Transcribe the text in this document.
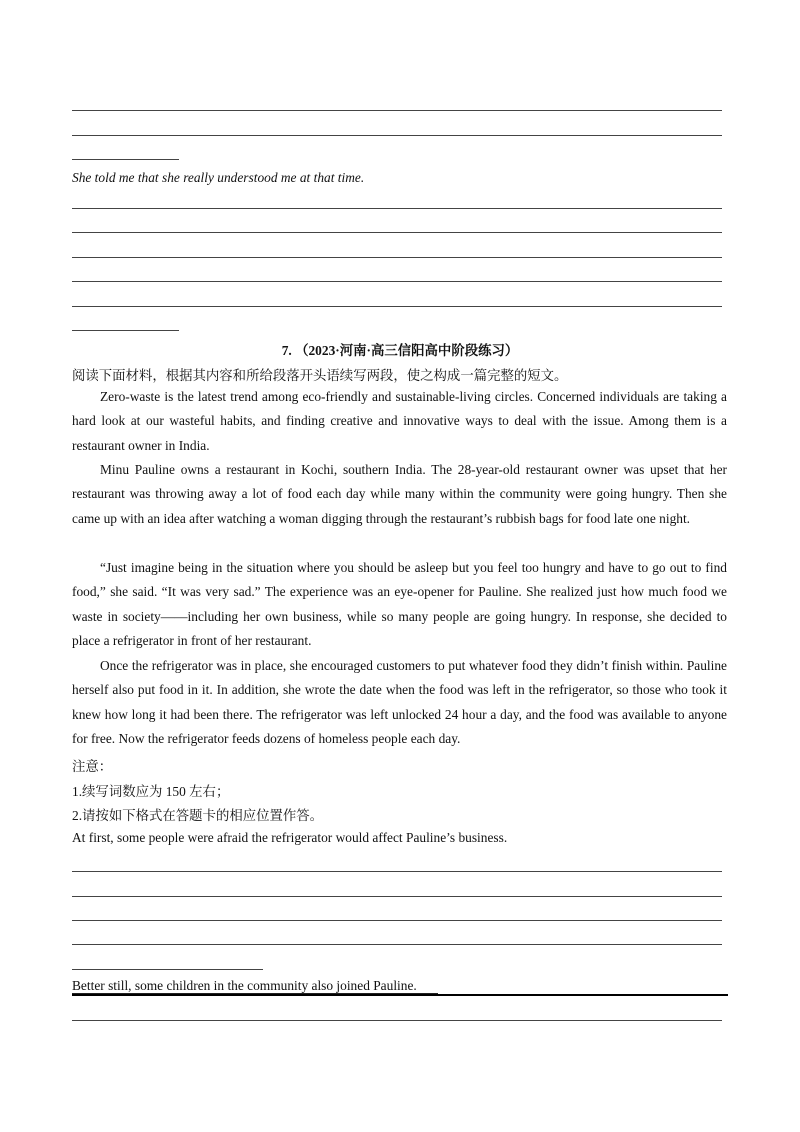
She told me that she really understood me at that time.
7. （2023·河南·高三信阳高中阶段练习）
阅读下面材料，根据其内容和所给段落开头语续写两段，使之构成一篇完整的短文。
Zero-waste is the latest trend among eco-friendly and sustainable-living circles. Concerned individuals are taking a hard look at our wasteful habits, and finding creative and innovative ways to deal with the issue. Among them is a restaurant owner in India.
Minu Pauline owns a restaurant in Kochi, southern India. The 28-year-old restaurant owner was upset that her restaurant was throwing away a lot of food each day while many within the community were going hungry. Then she came up with an idea after watching a woman digging through the restaurant’s rubbish bags for food late one night.
“Just imagine being in the situation where you should be asleep but you feel too hungry and have to go out to find food,” she said. “It was very sad.” The experience was an eye-opener for Pauline. She realized just how much food we waste in society——including her own business, while so many people are going hungry. In response, she decided to place a refrigerator in front of her restaurant.
Once the refrigerator was in place, she encouraged customers to put whatever food they didn’t finish within. Pauline herself also put food in it. In addition, she wrote the date when the food was left in the refrigerator, so those who took it knew how long it had been there. The refrigerator was left unlocked 24 hour a day, and the food was available to anyone for free. Now the refrigerator feeds dozens of homeless people each day.
注意：
1.续写词数应为 150 左右；
2.请按如下格式在答题卡的相应位置作答。
At first, some people were afraid the refrigerator would affect Pauline’s business.
Better still, some children in the community also joined Pauline.
